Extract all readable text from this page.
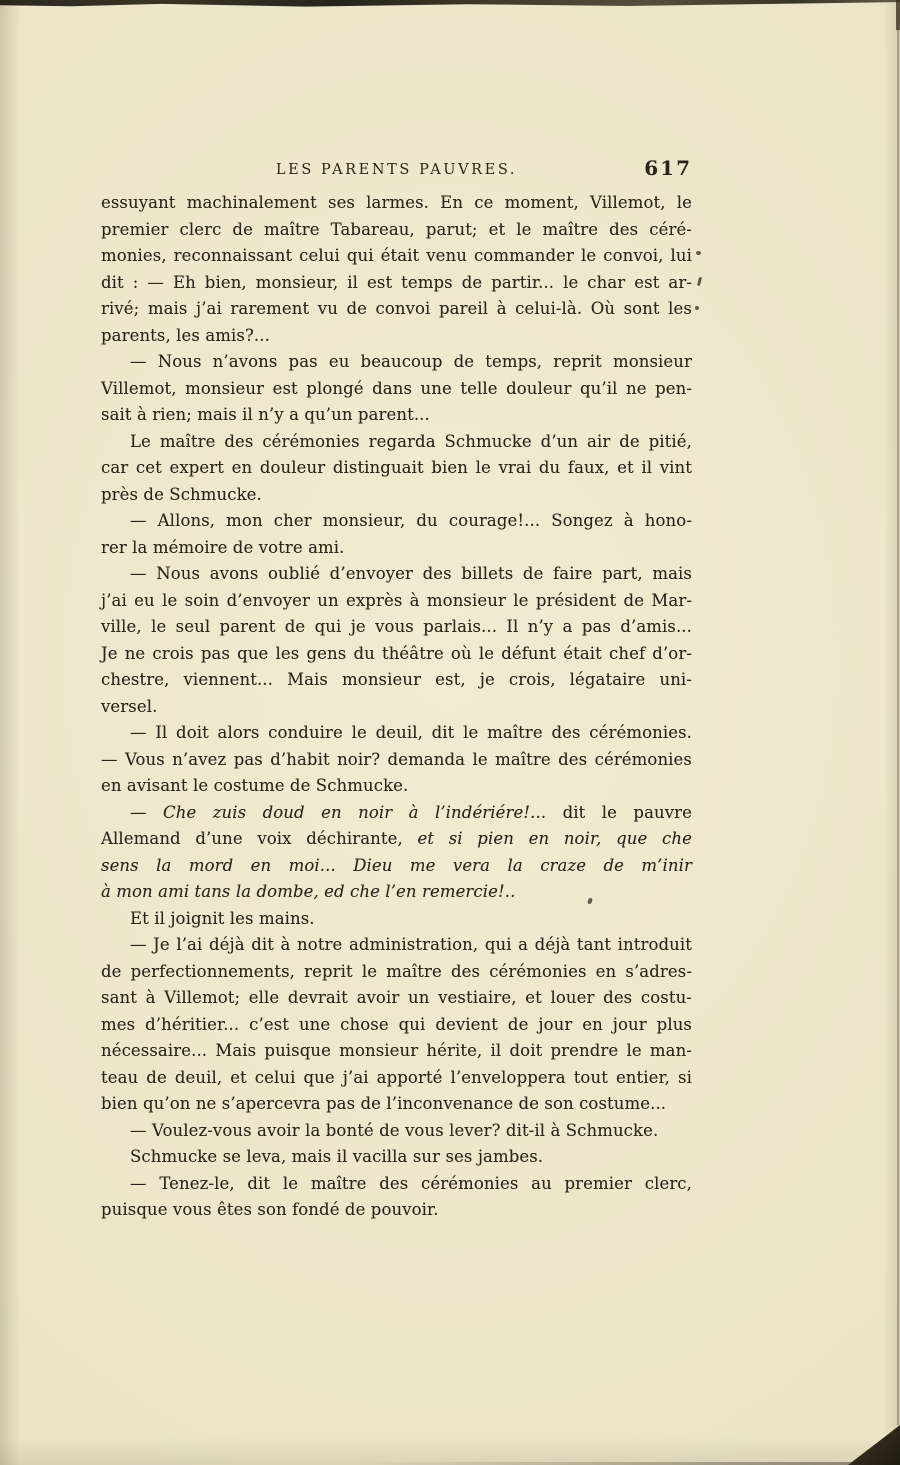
LES PARENTS PAUVRES.	617
essuyant machinalement ses larmes. En ce moment, Villemot, le
premier clerc de maître Tabareau, parut; et le maître des céré-
monies, reconnaissant celui qui était venu commander le convoi, lui
dit : — Eh bien, monsieur, il est temps de partir... le char est ar-
rivé; mais j’ai rarement vu de convoi pareil à celui-là. Où sont les
parents, les amis?...
— Nous n’avons pas eu beaucoup de temps, reprit monsieur
Villemot, monsieur est plongé dans une telle douleur qu’il ne pen-
sait à rien; mais il n’y a qu’un parent...
Le maître des cérémonies regarda Schmucke d’un air de pitié,
car cet expert en douleur distinguait bien le vrai du faux, et il vint
près de Schmucke.
— Allons, mon cher monsieur, du courage!... Songez à hono-
rer la mémoire de votre ami.
— Nous avons oublié d’envoyer des billets de faire part, mais
j’ai eu le soin d’envoyer un exprès à monsieur le président de Mar-
ville, le seul parent de qui je vous parlais... Il n’y a pas d’amis...
Je ne crois pas que les gens du théâtre où le défunt était chef d’or-
chestre, viennent... Mais monsieur est, je crois, légataire uni-
versel.
— Il doit alors conduire le deuil, dit le maître des cérémonies.
— Vous n’avez pas d’habit noir? demanda le maître des cérémonies
en avisant le costume de Schmucke.
— Che zuis doud en noir à l’indériére!... dit le pauvre
Allemand d’une voix déchirante, et si pien en noir, que che
sens la mord en moi... Dieu me vera la craze de m’inir
à mon ami tans la dombe, ed che l’en remercie!..
Et il joignit les mains.
— Je l’ai déjà dit à notre administration, qui a déjà tant introduit
de perfectionnements, reprit le maître des cérémonies en s’adres-
sant à Villemot; elle devrait avoir un vestiaire, et louer des costu-
mes d’héritier... c’est une chose qui devient de jour en jour plus
nécessaire... Mais puisque monsieur hérite, il doit prendre le man-
teau de deuil, et celui que j’ai apporté l’enveloppera tout entier, si
bien qu’on ne s’apercevra pas de l’inconvenance de son costume...
— Voulez-vous avoir la bonté de vous lever? dit-il à Schmucke.
Schmucke se leva, mais il vacilla sur ses jambes.
— Tenez-le, dit le maître des cérémonies au premier clerc,
puisque vous êtes son fondé de pouvoir.
